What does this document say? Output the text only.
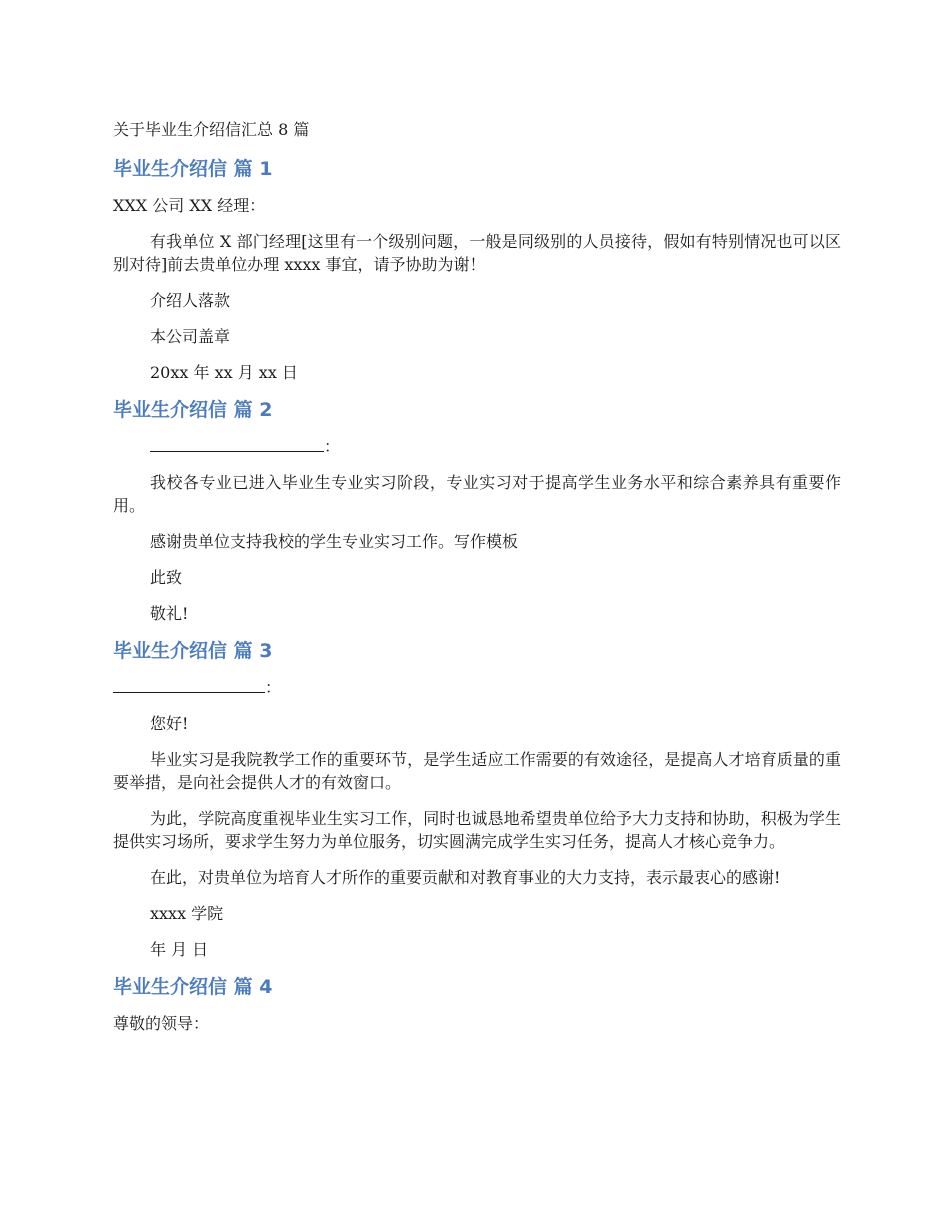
关于毕业生介绍信汇总 8 篇
毕业生介绍信 篇 1
XXX 公司 XX 经理：
有我单位 X 部门经理[这里有一个级别问题，一般是同级别的人员接待，假如有特别情况也可以区别对待]前去贵单位办理 xxxx 事宜，请予协助为谢！
介绍人落款
本公司盖章
20xx 年 xx 月 xx 日
毕业生介绍信 篇 2
：
我校各专业已进入毕业生专业实习阶段，专业实习对于提高学生业务水平和综合素养具有重要作用。
感谢贵单位支持我校的学生专业实习工作。写作模板
此致
敬礼!
毕业生介绍信 篇 3
：
您好!
毕业实习是我院教学工作的重要环节，是学生适应工作需要的有效途径，是提高人才培育质量的重要举措，是向社会提供人才的有效窗口。
为此，学院高度重视毕业生实习工作，同时也诚恳地希望贵单位给予大力支持和协助，积极为学生提供实习场所，要求学生努力为单位服务，切实圆满完成学生实习任务，提高人才核心竞争力。
在此，对贵单位为培育人才所作的重要贡献和对教育事业的大力支持，表示最衷心的感谢!
xxxx 学院
年 月 日
毕业生介绍信 篇 4
尊敬的领导：
